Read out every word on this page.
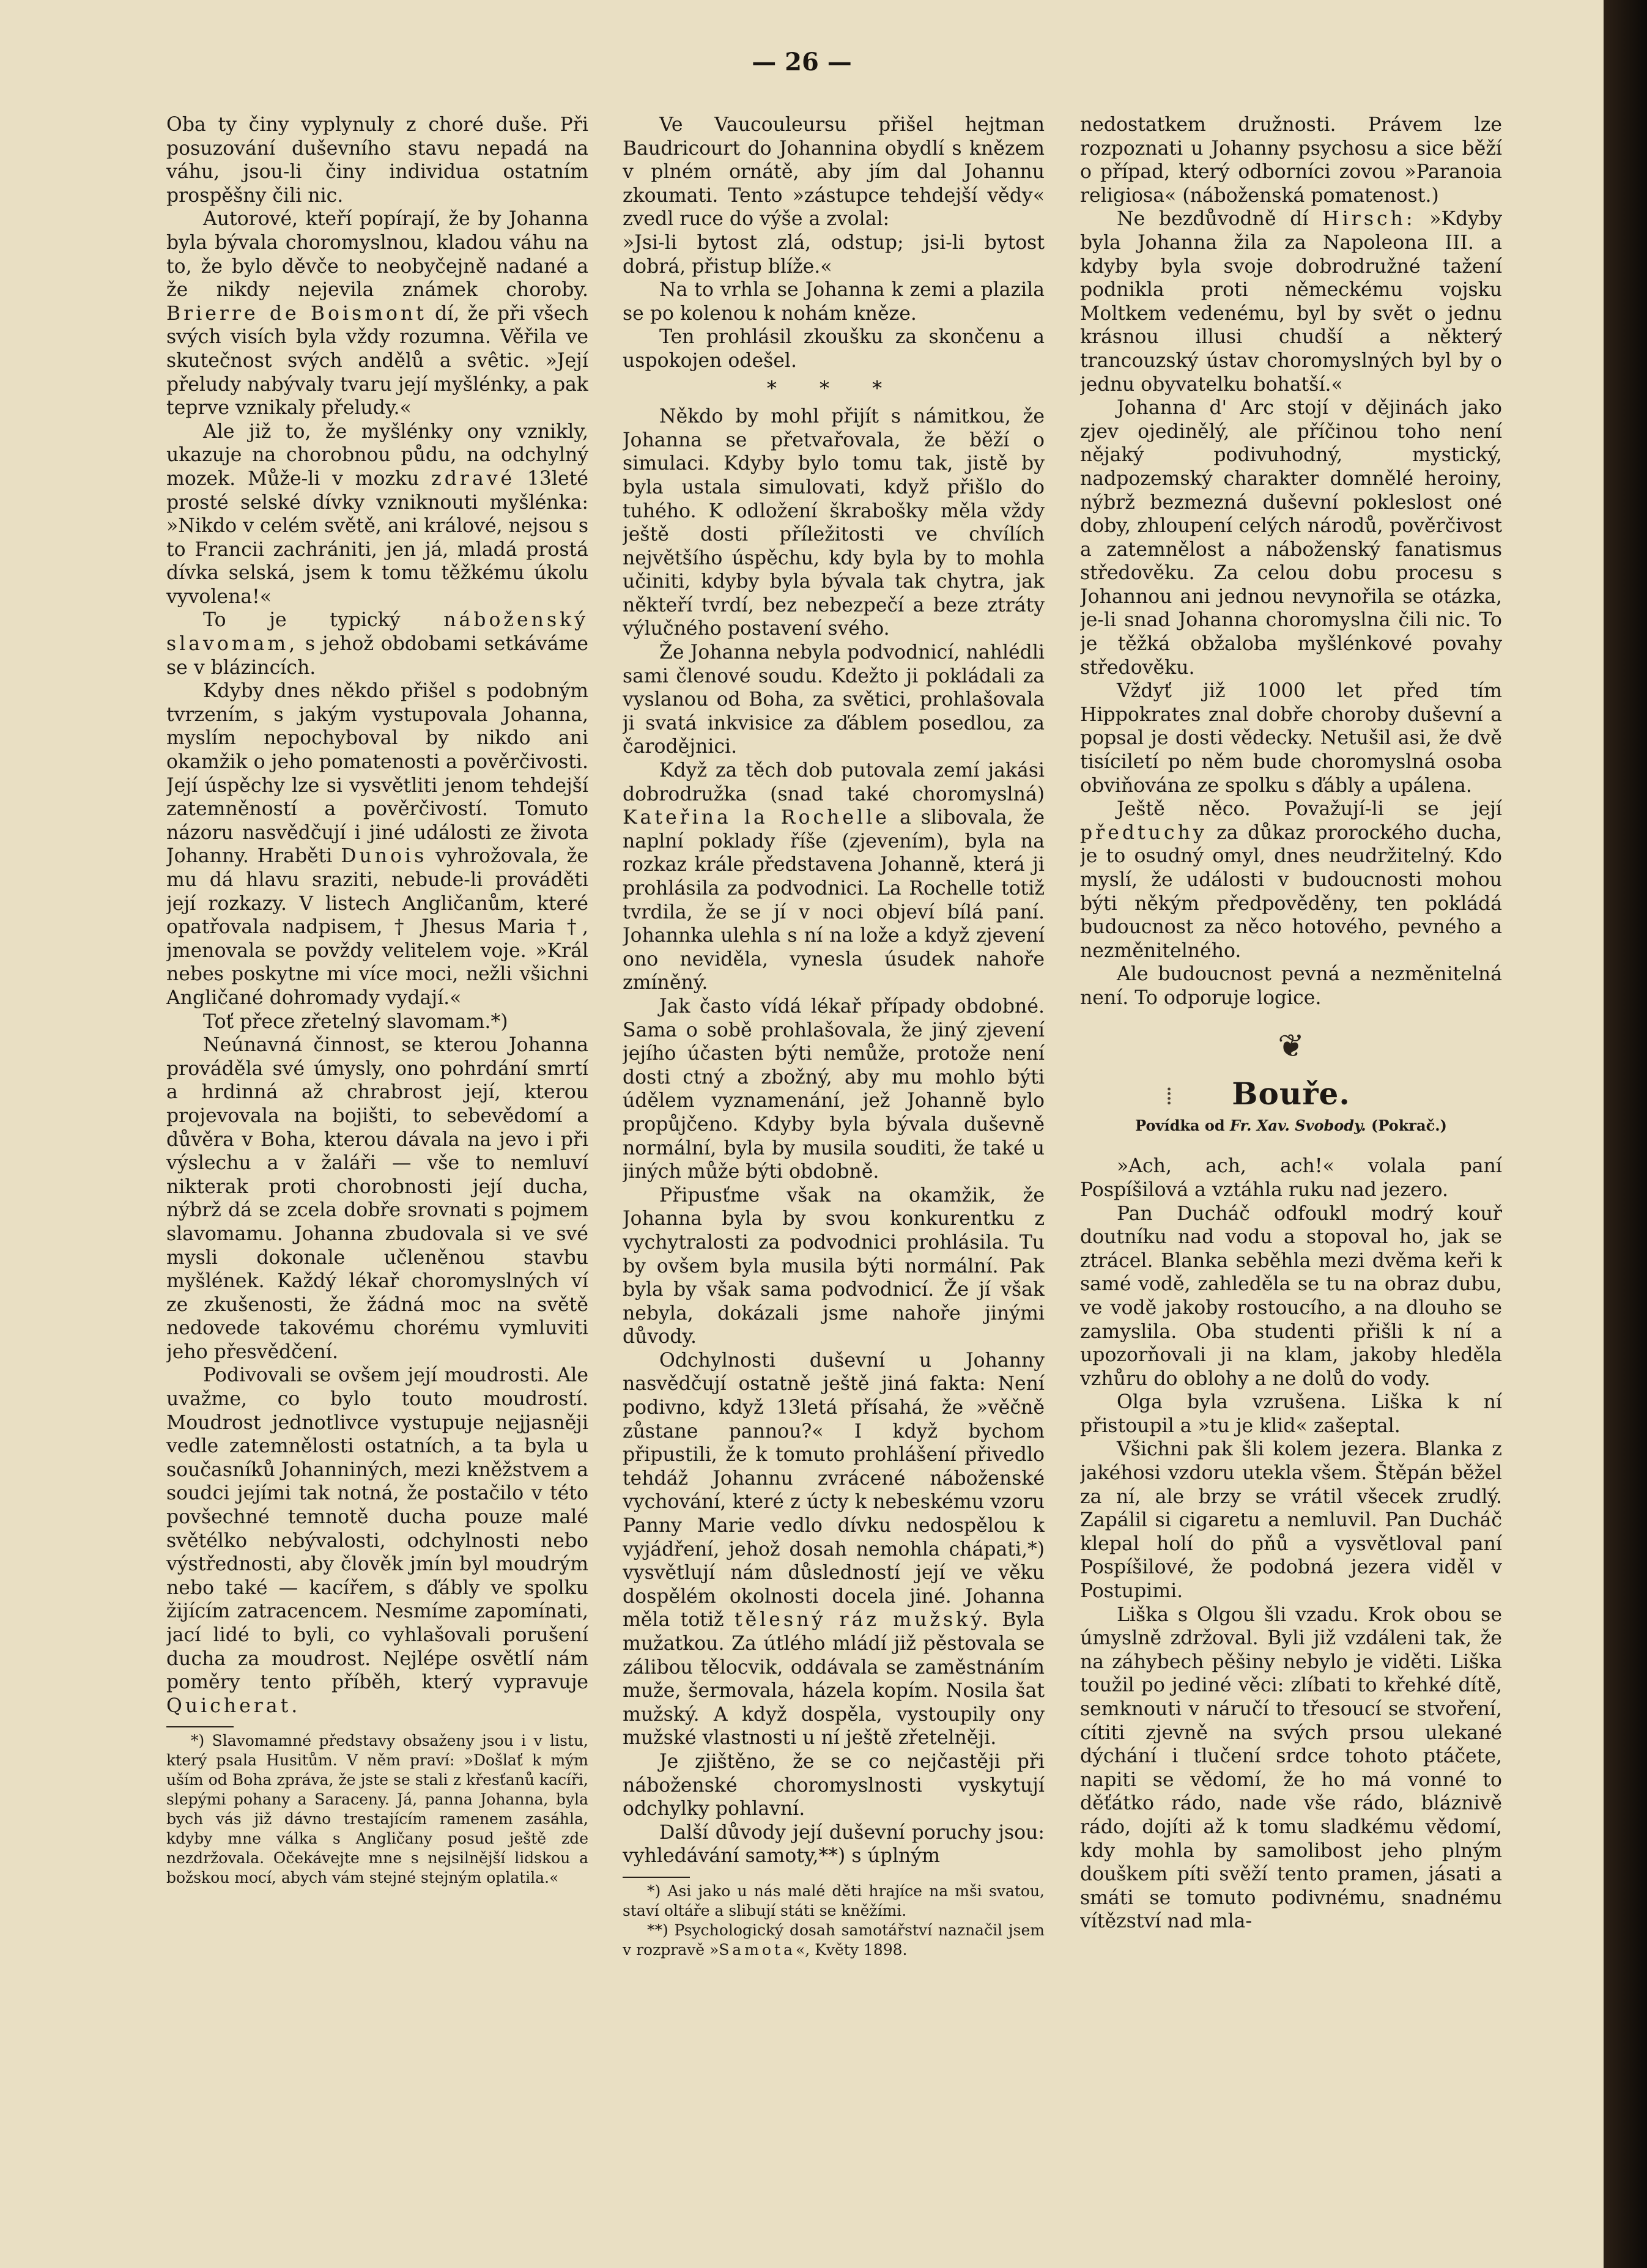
— 26 —

Oba ty činy vyplynuly z choré duše. Při posuzování duševního stavu nepadá na váhu, jsou-li činy individua ostatním prospěšny čili nic.

Autorové, kteří popírají, že by Johanna byla bývala choromyslnou, kladou váhu na to, že bylo děvče to neobyčejně nadané a že nikdy nejevila známek choroby. Brierre de Boismont dí, že při všech svých visích byla vždy rozumna. Věřila ve skutečnost svých andělů a svêtic. »Její přeludy nabývaly tvaru její myšlénky, a pak teprve vznikaly přeludy.«

Ale již to, že myšlénky ony vznikly, ukazuje na chorobnou půdu, na odchylný mozek. Může-li v mozku zdravé 13leté prosté selské dívky vzniknouti myšlénka: »Nikdo v celém světě, ani králové, nejsou s to Francii zachrániti, jen já, mladá prostá dívka selská, jsem k tomu těžkému úkolu vyvolena!«

To je typický náboženský slavomam, s jehož obdobami setkáváme se v blázincích.

Kdyby dnes někdo přišel s podobným tvrzením, s jakým vystupovala Johanna, myslím nepochyboval by nikdo ani okamžik o jeho pomatenosti a pověrčivosti. Její úspěchy lze si vysvětliti jenom tehdejší zatemněností a pověrčivostí. Tomuto názoru nasvědčují i jiné události ze života Johanny. Hraběti Dunois vyhrožovala, že mu dá hlavu sraziti, nebude-li prováděti její rozkazy. V listech Angličanům, které opatřovala nadpisem, † Jhesus Maria †, jmenovala se povždy velitelem voje. »Král nebes poskytne mi více moci, nežli všichni Angličané dohromady vydají.«

Toť přece zřetelný slavomam.*)

Neúnavná činnost, se kterou Johanna prováděla své úmysly, ono pohrdání smrtí a hrdinná až chrabrost její, kterou projevovala na bojišti, to sebevědomí a důvěra v Boha, kterou dávala na jevo i při výslechu a v žaláři — vše to nemluví nikterak proti chorobnosti její ducha, nýbrž dá se zcela dobře srovnati s pojmem slavomamu. Johanna zbudovala si ve své mysli dokonale učleněnou stavbu myšlének. Každý lékař choromyslných ví ze zkušenosti, že žádná moc na světě nedovede takovému chorému vymluviti jeho přesvědčení.

Podivovali se ovšem její moudrosti. Ale uvažme, co bylo touto moudrostí. Moudrost jednotlivce vystupuje nejjasněji vedle zatemnělosti ostatních, a ta byla u současníků Johanniných, mezi kněžstvem a soudci jejími tak notná, že postačilo v této povšechné temnotě ducha pouze malé světélko nebývalosti, odchylnosti nebo výstřednosti, aby člověk jmín byl moudrým nebo také — kacířem, s ďábly ve spolku žijícím zatracencem. Nesmíme zapomínati, jací lidé to byli, co vyhlašovali porušení ducha za moudrost. Nejlépe osvětlí nám poměry tento příběh, který vypravuje Quicherat.

*) Slavomamné představy obsaženy jsou i v listu, který psala Husitům. V něm praví: »Došlať k mým uším od Boha zpráva, že jste se stali z křesťanů kacíři, slepými pohany a Saraceny. Já, panna Johanna, byla bych vás již dávno trestajícím ramenem zasáhla, kdyby mne válka s Angličany posud ještě zde nezdržovala. Očekávejte mne s nejsilnější lidskou a božskou mocí, abych vám stejné stejným oplatila.«

Ve Vaucouleursu přišel hejtman Baudricourt do Johannina obydlí s knězem v plném ornátě, aby jím dal Johannu zkoumati. Tento »zástupce tehdejší vědy« zvedl ruce do výše a zvolal:

»Jsi-li bytost zlá, odstup; jsi-li bytost dobrá, přistup blíže.«

Na to vrhla se Johanna k zemi a plazila se po kolenou k nohám kněze.

Ten prohlásil zkoušku za skončenu a uspokojen odešel.

* * *

Někdo by mohl přijít s námitkou, že Johanna se přetvařovala, že běží o simulaci. Kdyby bylo tomu tak, jistě by byla ustala simulovati, když přišlo do tuhého. K odložení škrabošky měla vždy ještě dosti příležitosti ve chvílích největšího úspěchu, kdy byla by to mohla učiniti, kdyby byla bývala tak chytra, jak někteří tvrdí, bez nebezpečí a beze ztráty výlučného postavení svého.

Že Johanna nebyla podvodnicí, nahlédli sami členové soudu. Kdežto ji pokládali za vyslanou od Boha, za světici, prohlašovala ji svatá inkvisice za ďáblem posedlou, za čarodějnici.

Když za těch dob putovala zemí jakási dobrodružka (snad také choromyslná) Kateřina la Rochelle a slibovala, že naplní poklady říše (zjevením), byla na rozkaz krále představena Johanně, která ji prohlásila za podvodnici. La Rochelle totiž tvrdila, že se jí v noci objeví bílá paní. Johannka ulehla s ní na lože a když zjevení ono neviděla, vynesla úsudek nahoře zmíněný.

Jak často vídá lékař případy obdobné. Sama o sobě prohlašovala, že jiný zjevení jejího účasten býti nemůže, protože není dosti ctný a zbožný, aby mu mohlo býti údělem vyznamenání, jež Johanně bylo propůjčeno. Kdyby byla bývala duševně normální, byla by musila souditi, že také u jiných může býti obdobně.

Připusťme však na okamžik, že Johanna byla by svou konkurentku z vychytralosti za podvodnici prohlásila. Tu by ovšem byla musila býti normální. Pak byla by však sama podvodnicí. Že jí však nebyla, dokázali jsme nahoře jinými důvody.

Odchylnosti duševní u Johanny nasvědčují ostatně ještě jiná fakta: Není podivno, když 13letá přísahá, že »věčně zůstane pannou?« I když bychom připustili, že k tomuto prohlášení přivedlo tehdáž Johannu zvrácené náboženské vychování, které z úcty k nebeskému vzoru Panny Marie vedlo dívku nedospělou k vyjádření, jehož dosah nemohla chápati,*) vysvětlují nám důsledností její ve věku dospělém okolnosti docela jiné. Johanna měla totiž tělesný ráz mužský. Byla mužatkou. Za útlého mládí již pěstovala se zálibou tělocvik, oddávala se zaměstnáním muže, šermovala, házela kopím. Nosila šat mužský. A když dospěla, vystoupily ony mužské vlastnosti u ní ještě zřetelněji.

Je zjištěno, že se co nejčastěji při náboženské choromyslnosti vyskytují odchylky pohlavní.

Další důvody její duševní poruchy jsou: vyhledávání samoty,**) s úplným

*) Asi jako u nás malé děti hrajíce na mši svatou, staví oltáře a slibují státi se kněžími.

**) Psychologický dosah samotářství naznačil jsem v rozpravě »Samota«, Květy 1898.

nedostatkem družnosti. Právem lze rozpoznati u Johanny psychosu a sice běží o případ, který odborníci zovou »Paranoia religiosa« (náboženská pomatenost.)

Ne bezdůvodně dí Hirsch: »Kdyby byla Johanna žila za Napoleona III. a kdyby byla svoje dobrodružné tažení podnikla proti německému vojsku Moltkem vedenému, byl by svět o jednu krásnou illusi chudší a některý trancouzský ústav choromyslných byl by o jednu obyvatelku bohatší.«

Johanna d' Arc stojí v dějinách jako zjev ojedinělý, ale příčinou toho není nějaký podivuhodný, mystický, nadpozemský charakter domnělé heroiny, nýbrž bezmezná duševní pokleslost oné doby, zhloupení celých národů, pověrčivost a zatemnělost a náboženský fanatismus středověku. Za celou dobu procesu s Johannou ani jednou nevynořila se otázka, je-li snad Johanna choromyslna čili nic. To je těžká obžaloba myšlénkové povahy středověku.

Vždyť již 1000 let před tím Hippokrates znal dobře choroby duševní a popsal je dosti vědecky. Netušil asi, že dvě tisíciletí po něm bude choromyslná osoba obviňována ze spolku s ďábly a upálena.

Ještě něco. Považují-li se její předtuchy za důkaz prorockého ducha, je to osudný omyl, dnes neudržitelný. Kdo myslí, že události v budoucnosti mohou býti někým předpověděny, ten pokládá budoucnost za něco hotového, pevného a nezměnitelného.

Ale budoucnost pevná a nezměnitelná není. To odporuje logice.

❦
⁞ Bouře.
Povídka od Fr. Xav. Svobody. (Pokrač.)

»Ach, ach, ach!« volala paní Pospíšilová a vztáhla ruku nad jezero.

Pan Ducháč odfoukl modrý kouř doutníku nad vodu a stopoval ho, jak se ztrácel. Blanka seběhla mezi dvěma keři k samé vodě, zahleděla se tu na obraz dubu, ve vodě jakoby rostoucího, a na dlouho se zamyslila. Oba studenti přišli k ní a upozorňovali ji na klam, jakoby hleděla vzhůru do oblohy a ne dolů do vody.

Olga byla vzrušena. Liška k ní přistoupil a »tu je klid« zašeptal.

Všichni pak šli kolem jezera. Blanka z jakéhosi vzdoru utekla všem. Štěpán běžel za ní, ale brzy se vrátil všecek zrudlý. Zapálil si cigaretu a nemluvil. Pan Ducháč klepal holí do pňů a vysvětloval paní Pospíšilové, že podobná jezera viděl v Postupimi.

Liška s Olgou šli vzadu. Krok obou se úmyslně zdržoval. Byli již vzdáleni tak, že na záhybech pěšiny nebylo je viděti. Liška toužil po jediné věci: zlíbati to křehké dítě, semknouti v náručí to třesoucí se stvoření, cítiti zjevně na svých prsou ulekané dýchání i tlučení srdce tohoto ptáčete, napiti se vědomí, že ho má vonné to děťátko rádo, nade vše rádo, bláznivě rádo, dojíti až k tomu sladkému vědomí, kdy mohla by samolibost jeho plným douškem píti svěží tento pramen, jásati a smáti se tomuto podivnému, snadnému vítězství nad mla-
